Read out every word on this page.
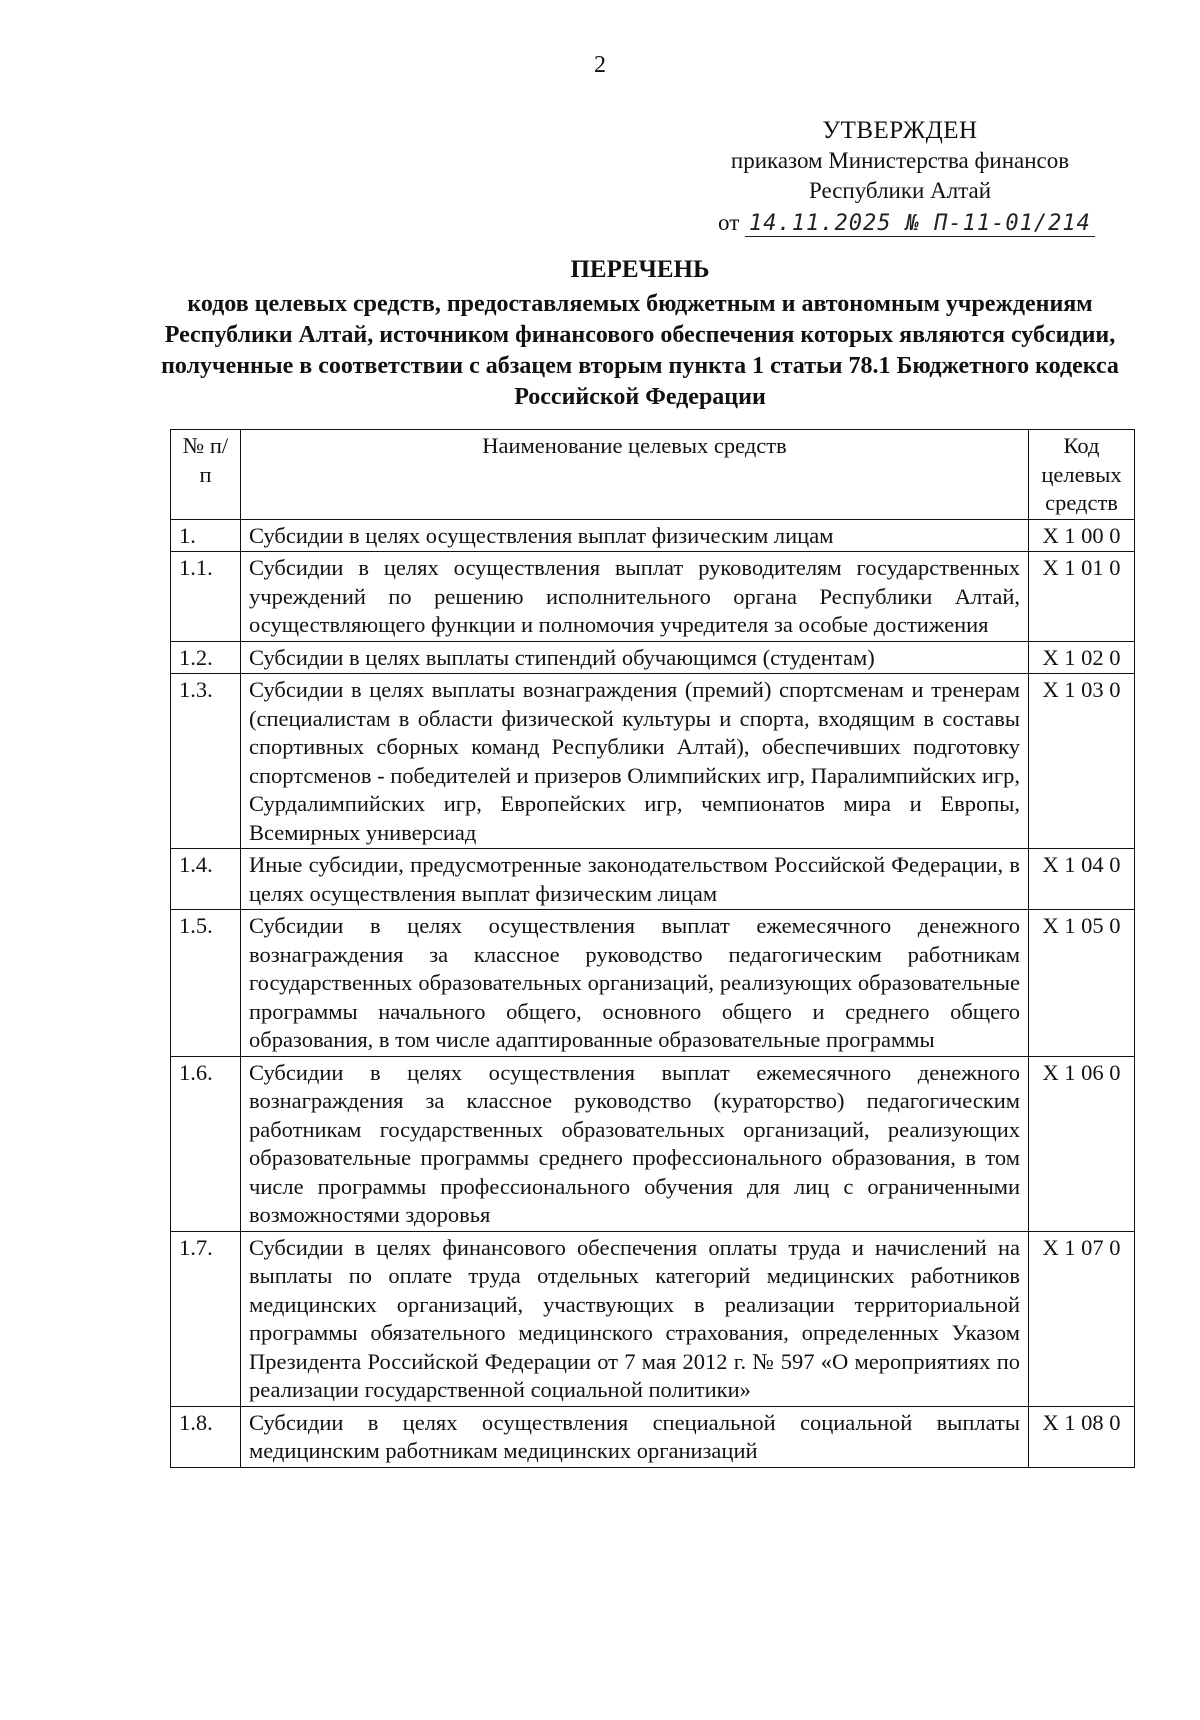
2
УТВЕРЖДЕН
приказом Министерства финансов
Республики Алтай
от 14.11.2025 № П-11-01/214
ПЕРЕЧЕНЬ
кодов целевых средств, предоставляемых бюджетным и автономным учреждениям Республики Алтай, источником финансового обеспечения которых являются субсидии, полученные в соответствии с абзацем вторым пункта 1 статьи 78.1 Бюджетного кодекса Российской Федерации
№ п/п	Наименование целевых средств	Код целевых средств
1.	Субсидии в целях осуществления выплат физическим лицам	X 1 00 0
1.1.	Субсидии в целях осуществления выплат руководителям государственных учреждений по решению исполнительного органа Республики Алтай, осуществляющего функции и полномочия учредителя за особые достижения	X 1 01 0
1.2.	Субсидии в целях выплаты стипендий обучающимся (студентам)	X 1 02 0
1.3.	Субсидии в целях выплаты вознаграждения (премий) спортсменам и тренерам (специалистам в области физической культуры и спорта, входящим в составы спортивных сборных команд Республики Алтай), обеспечивших подготовку спортсменов - победителей и призеров Олимпийских игр, Паралимпийских игр, Сурдалимпийских игр, Европейских игр, чемпионатов мира и Европы, Всемирных универсиад	X 1 03 0
1.4.	Иные субсидии, предусмотренные законодательством Российской Федерации, в целях осуществления выплат физическим лицам	X 1 04 0
1.5.	Субсидии в целях осуществления выплат ежемесячного денежного вознаграждения за классное руководство педагогическим работникам государственных образовательных организаций, реализующих образовательные программы начального общего, основного общего и среднего общего образования, в том числе адаптированные образовательные программы	X 1 05 0
1.6.	Субсидии в целях осуществления выплат ежемесячного денежного вознаграждения за классное руководство (кураторство) педагогическим работникам государственных образовательных организаций, реализующих образовательные программы среднего профессионального образования, в том числе программы профессионального обучения для лиц с ограниченными возможностями здоровья	X 1 06 0
1.7.	Субсидии в целях финансового обеспечения оплаты труда и начислений на выплаты по оплате труда отдельных категорий медицинских работников медицинских организаций, участвующих в реализации территориальной программы обязательного медицинского страхования, определенных Указом Президента Российской Федерации от 7 мая 2012 г. № 597 «О мероприятиях по реализации государственной социальной политики»	X 1 07 0
1.8.	Субсидии в целях осуществления специальной социальной выплаты медицинским работникам медицинских организаций	X 1 08 0
